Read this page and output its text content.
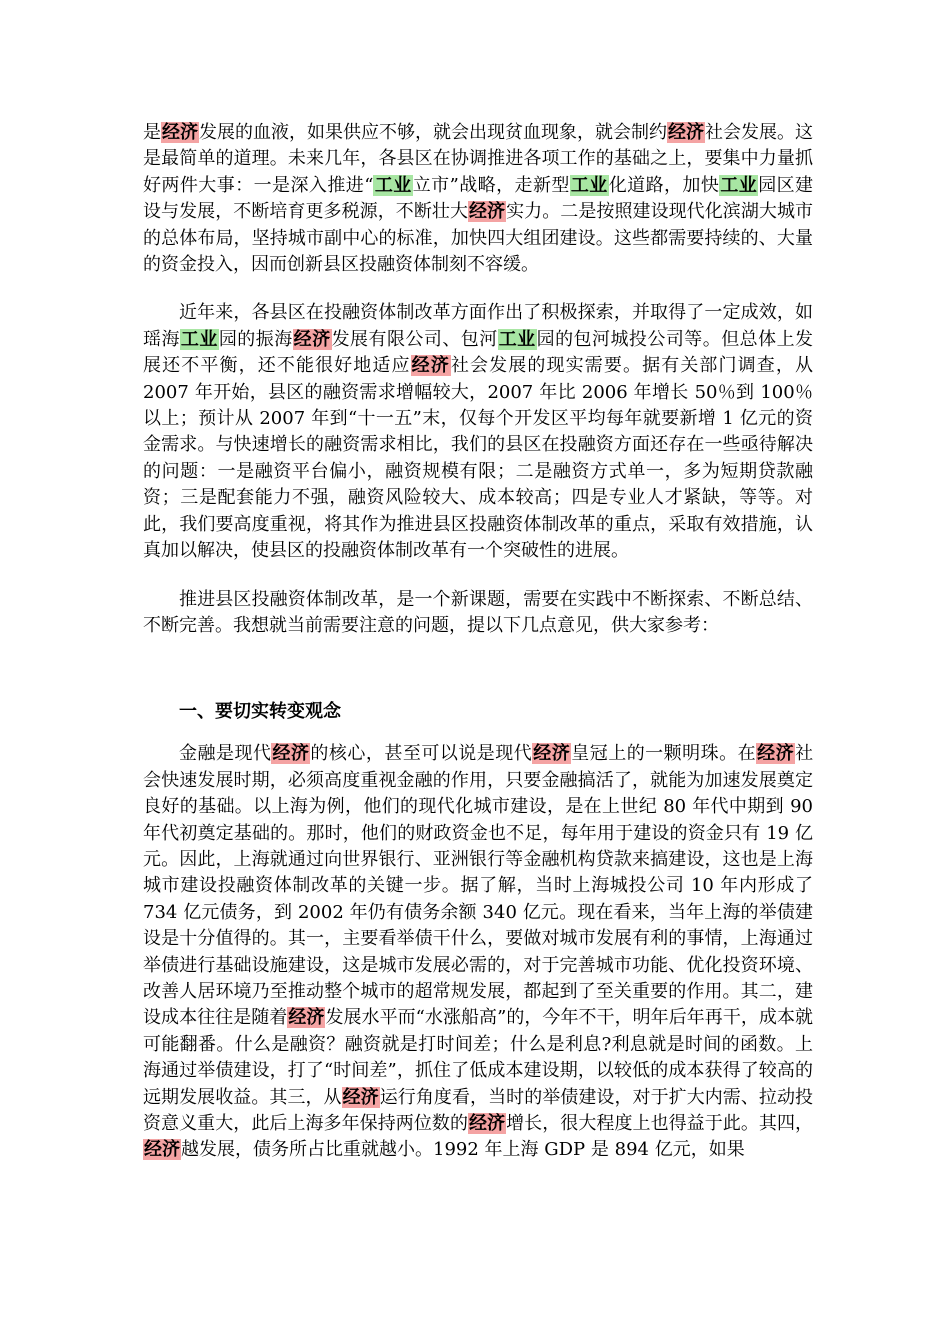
是经济发展的血液，如果供应不够，就会出现贫血现象，就会制约经济社会发展。这是最简单的道理。未来几年，各县区在协调推进各项工作的基础之上，要集中力量抓好两件大事：一是深入推进“工业立市”战略，走新型工业化道路，加快工业园区建设与发展，不断培育更多税源，不断壮大经济实力。二是按照建设现代化滨湖大城市的总体布局，坚持城市副中心的标准，加快四大组团建设。这些都需要持续的、大量的资金投入，因而创新县区投融资体制刻不容缓。

近年来，各县区在投融资体制改革方面作出了积极探索，并取得了一定成效，如瑶海工业园的振海经济发展有限公司、包河工业园的包河城投公司等。但总体上发展还不平衡，还不能很好地适应经济社会发展的现实需要。据有关部门调查，从 2007 年开始，县区的融资需求增幅较大，2007 年比 2006 年增长 50％到 100％以上；预计从 2007 年到“十一五”末，仅每个开发区平均每年就要新增 1 亿元的资金需求。与快速增长的融资需求相比，我们的县区在投融资方面还存在一些亟待解决的问题：一是融资平台偏小，融资规模有限；二是融资方式单一，多为短期贷款融资；三是配套能力不强，融资风险较大、成本较高；四是专业人才紧缺，等等。对此，我们要高度重视，将其作为推进县区投融资体制改革的重点，采取有效措施，认真加以解决，使县区的投融资体制改革有一个突破性的进展。

推进县区投融资体制改革，是一个新课题，需要在实践中不断探索、不断总结、不断完善。我想就当前需要注意的问题，提以下几点意见，供大家参考：

一、要切实转变观念

金融是现代经济的核心，甚至可以说是现代经济皇冠上的一颗明珠。在经济社会快速发展时期，必须高度重视金融的作用，只要金融搞活了，就能为加速发展奠定良好的基础。以上海为例，他们的现代化城市建设，是在上世纪 80 年代中期到 90 年代初奠定基础的。那时，他们的财政资金也不足，每年用于建设的资金只有 19 亿元。因此，上海就通过向世界银行、亚洲银行等金融机构贷款来搞建设，这也是上海城市建设投融资体制改革的关键一步。据了解，当时上海城投公司 10 年内形成了 734 亿元债务，到 2002 年仍有债务余额 340 亿元。现在看来，当年上海的举债建设是十分值得的。其一，主要看举债干什么，要做对城市发展有利的事情，上海通过举债进行基础设施建设，这是城市发展必需的，对于完善城市功能、优化投资环境、改善人居环境乃至推动整个城市的超常规发展，都起到了至关重要的作用。其二，建设成本往往是随着经济发展水平而“水涨船高”的，今年不干，明年后年再干，成本就可能翻番。什么是融资？融资就是打时间差；什么是利息?利息就是时间的函数。上海通过举债建设，打了“时间差”，抓住了低成本建设期，以较低的成本获得了较高的远期发展收益。其三，从经济运行角度看，当时的举债建设，对于扩大内需、拉动投资意义重大，此后上海多年保持两位数的经济增长，很大程度上也得益于此。其四，经济越发展，债务所占比重就越小。1992 年上海 GDP 是 894 亿元，如果
